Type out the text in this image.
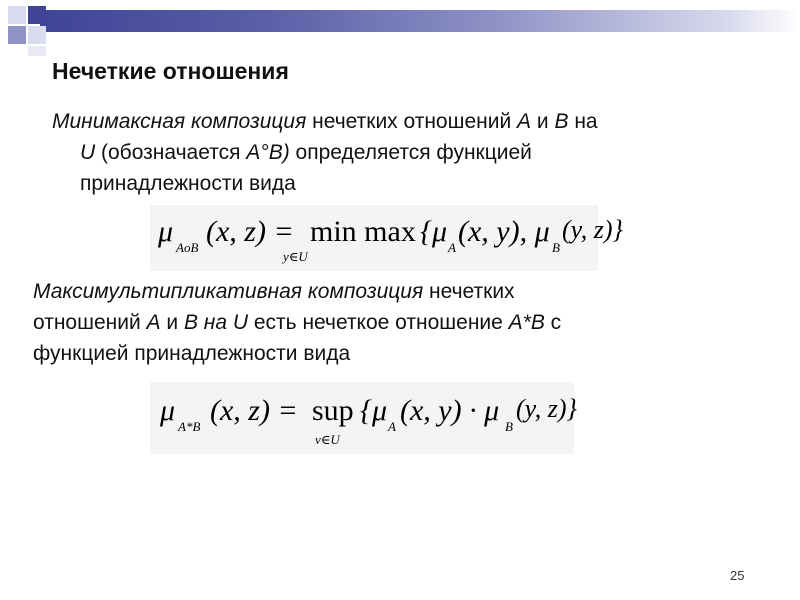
Нечеткие отношения
Минимаксная композиция нечетких отношений A и B на
U (обозначается A°B) определяется функцией
принадлежности вида
μ AoB (x, z) = min max
y∈U
{μ A (x, y), μ B
(y, z)}
Максимультипликативная композиция нечетких
отношений A и B на U есть нечеткое отношение A*B с
функцией принадлежности вида
μ A*B (x, z) = sup
v∈U
{μ A (x, y) · μ B
(y, z)}
25
